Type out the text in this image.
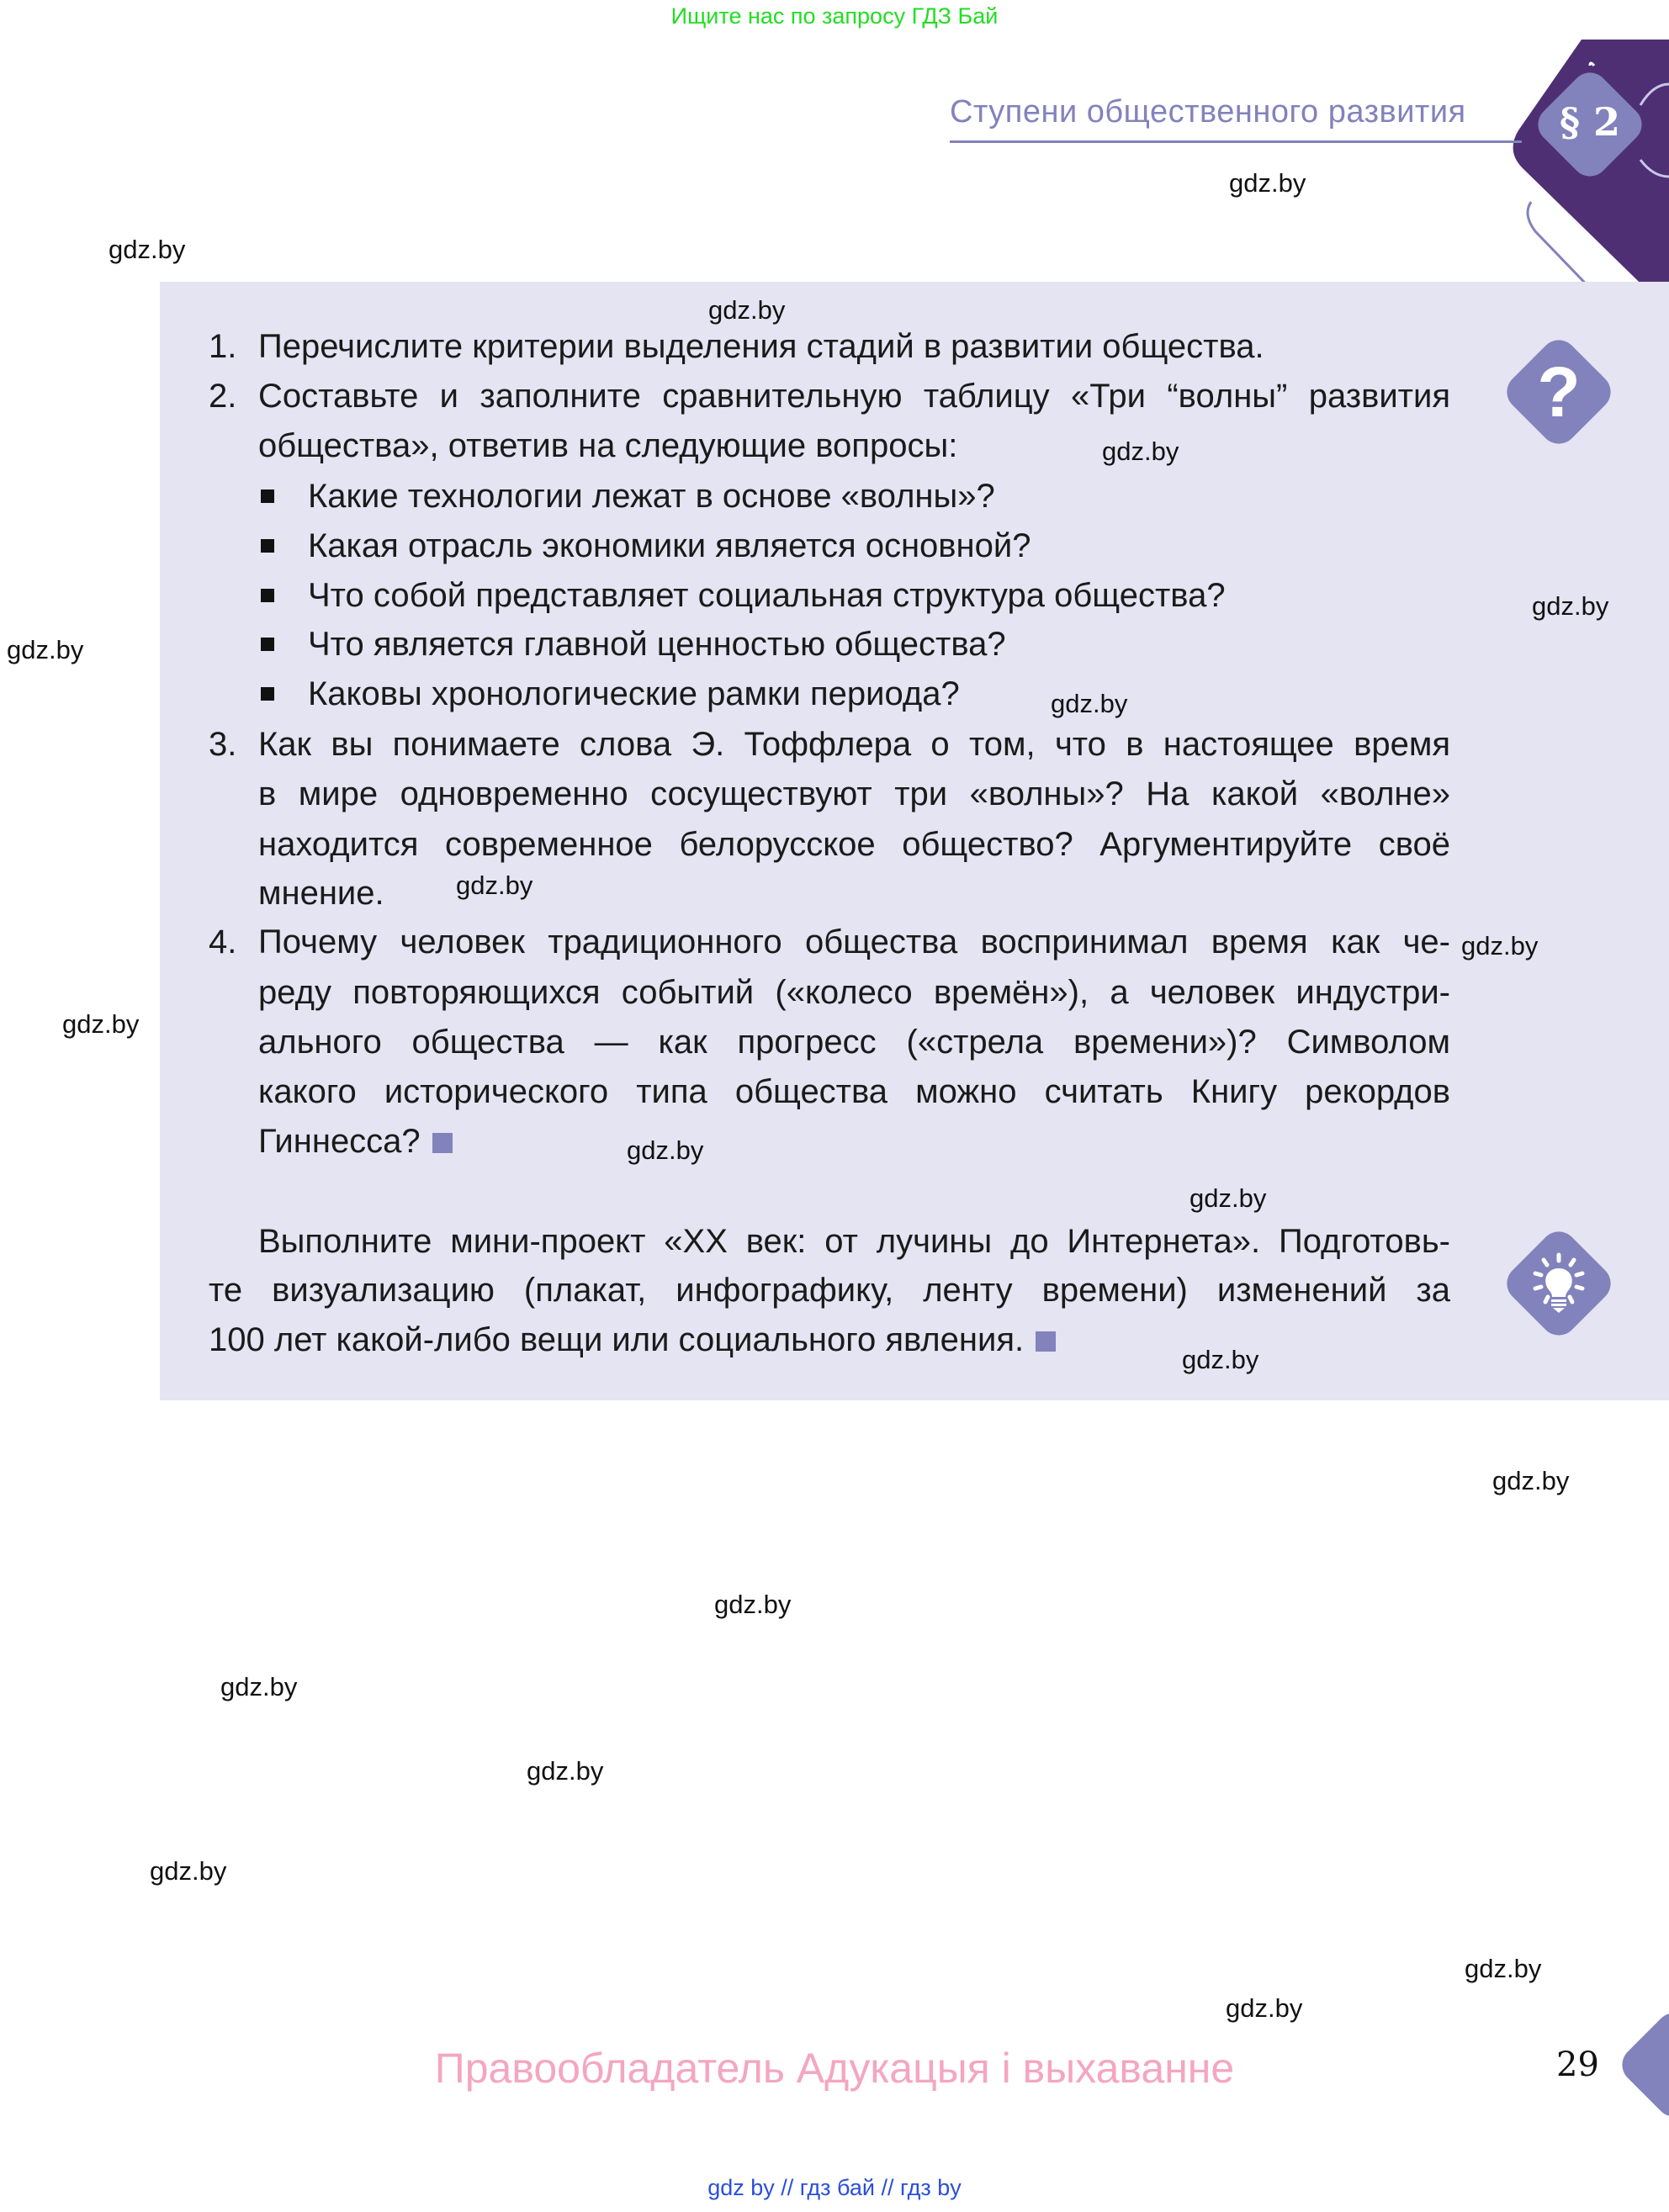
Ищите нас по запросу ГДЗ Бай
Ступени общественного развития	§ 2
?
1. Перечислите критерии выделения стадий в развитии общества.
2. Составьте и заполните сравнительную таблицу «Три “волны” развития
общества», ответив на следующие вопросы:
Какие технологии лежат в основе «волны»?
Какая отрасль экономики является основной?
Что собой представляет социальная структура общества?
Что является главной ценностью общества?
Каковы хронологические рамки периода?
3. Как вы понимаете слова Э. Тоффлера о том, что в настоящее время
в мире одновременно сосуществуют три «волны»? На какой «волне»
находится современное белорусское общество? Аргументируйте своё
мнение.
4. Почему человек традиционного общества воспринимал время как че-
реду повторяющихся событий («колесо времён»), а человек индустри-
ального общества — как прогресс («стрела времени»)? Символом
какого исторического типа общества можно считать Книгу рекордов
Гиннесса?
Выполните мини-проект «XX век: от лучины до Интернета». Подготовь-
те визуализацию (плакат, инфографику, ленту времени) изменений за
100 лет какой-либо вещи или социального явления.
gdz.by
gdz.by
gdz.by
gdz.by
gdz.by
gdz.by
gdz.by
gdz.by
gdz.by
gdz.by
gdz.by
gdz.by
gdz.by
gdz.by
gdz.by
gdz.by
gdz.by
gdz.by
gdz.by
gdz.by
Правообладатель Адукацыя і выхаванне	29
gdz by // гдз бай // гдз by
